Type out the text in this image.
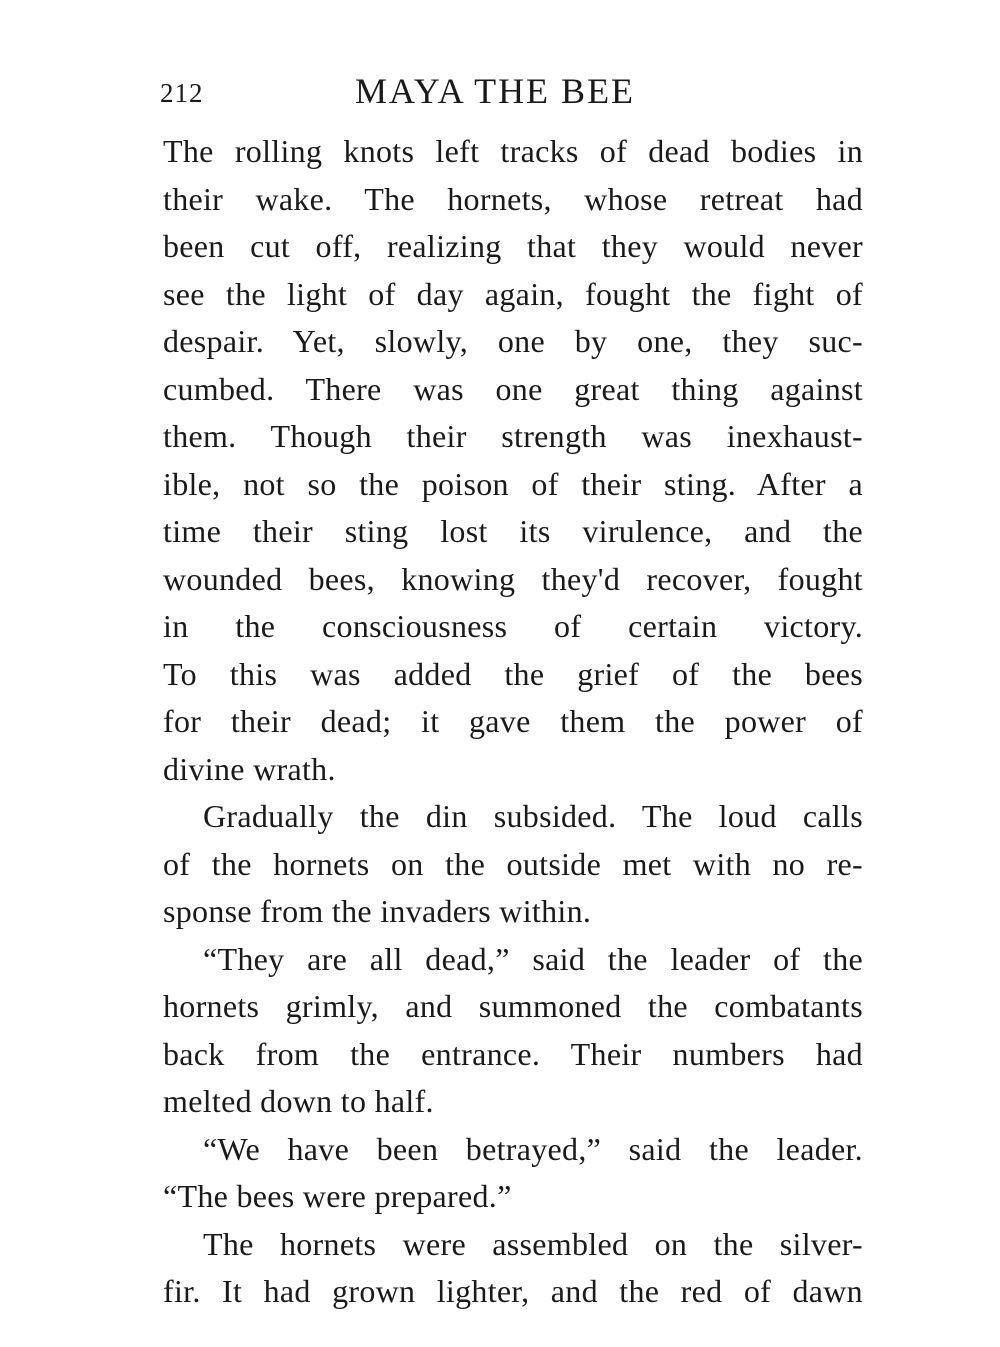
212	MAYA THE BEE
The rolling knots left tracks of dead bodies in
their wake. The hornets, whose retreat had
been cut off, realizing that they would never
see the light of day again, fought the fight of
despair. Yet, slowly, one by one, they suc-
cumbed. There was one great thing against
them. Though their strength was inexhaust-
ible, not so the poison of their sting. After a
time their sting lost its virulence, and the
wounded bees, knowing they'd recover, fought
in the consciousness of certain victory.
To this was added the grief of the bees
for their dead; it gave them the power of
divine wrath.
Gradually the din subsided. The loud calls
of the hornets on the outside met with no re-
sponse from the invaders within.
“They are all dead,” said the leader of the
hornets grimly, and summoned the combatants
back from the entrance. Their numbers had
melted down to half.
“We have been betrayed,” said the leader.
“The bees were prepared.”
The hornets were assembled on the silver-
fir. It had grown lighter, and the red of dawn
